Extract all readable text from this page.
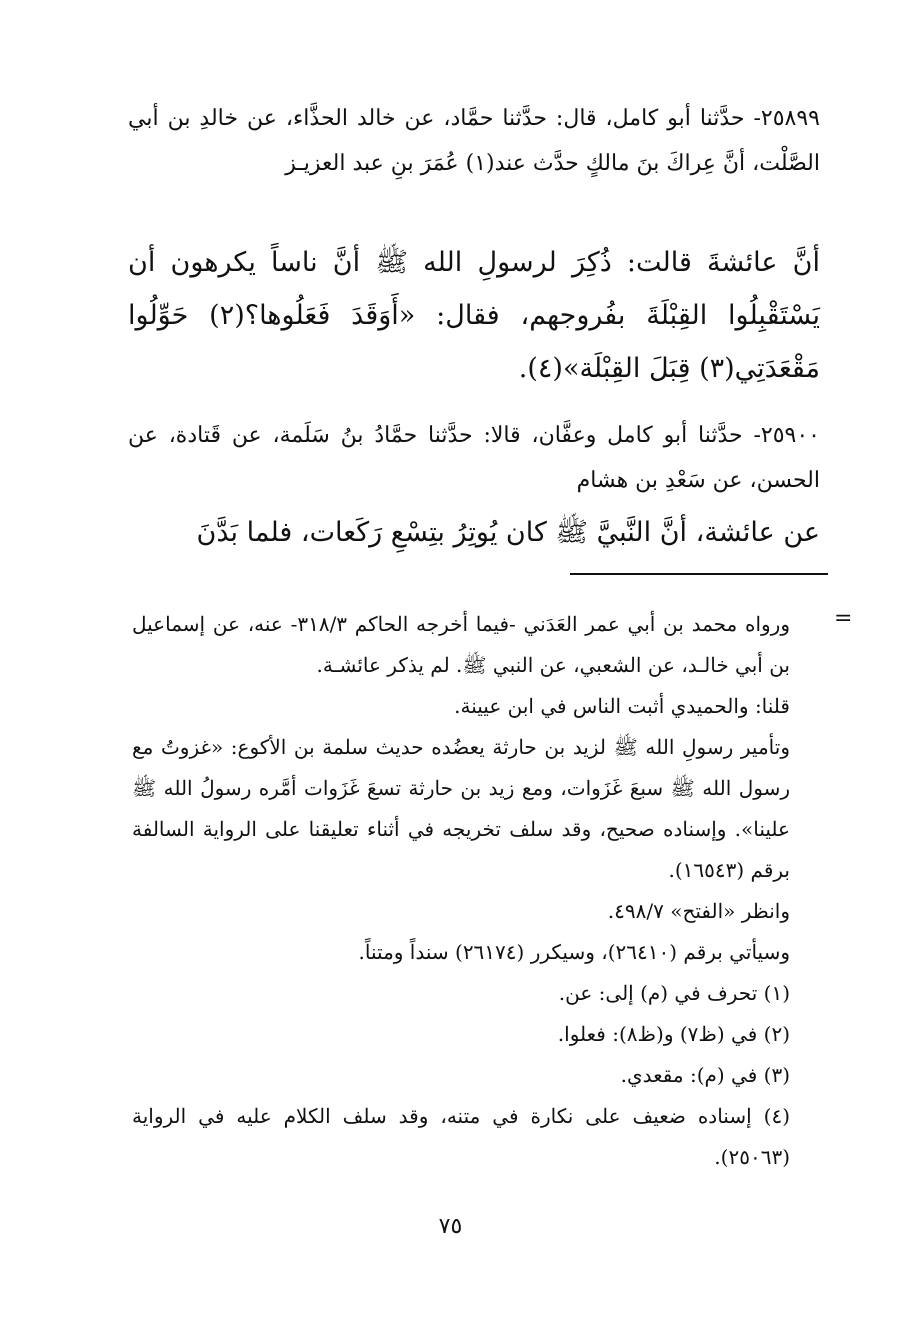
٢٥٨٩٩- حدَّثنا أبو كامل، قال: حدَّثنا حمَّاد، عن خالد الحذَّاء، عن خالدِ بن أبي الصَّلْت، أنَّ عِراكَ بنَ مالكٍ حدَّث عند(١) عُمَرَ بنِ عبد العزيـز
أنَّ عائشةَ قالت: ذُكِرَ لرسولِ الله ﷺ أنَّ ناساً يكرهون أن يَسْتَقْبِلُوا القِبْلَةَ بفُروجهم، فقال: «أَوَقَدَ فَعَلُوها؟(٢) حَوِّلُوا مَقْعَدَتِي(٣) قِبَلَ القِبْلَة»(٤).
٢٥٩٠٠- حدَّثنا أبو كامل وعفَّان، قالا: حدَّثنا حمَّادُ بنُ سَلَمة، عن قَتادة، عن الحسن، عن سَعْدِ بن هشام
عن عائشة، أنَّ النَّبيَّ ﷺ كان يُوتِرُ بتِسْعِ رَكَعات، فلما بَدَّنَ
=

ورواه محمد بن أبي عمر العَدَني -فيما أخرجه الحاكم ٣١٨/٣- عنه، عن إسماعيل بن أبي خالـد، عن الشعبي، عن النبي ﷺ. لم يذكر عائشـة.

قلنا: والحميدي أثبت الناس في ابن عيينة.

وتأمير رسولِ الله ﷺ لزيد بن حارثة يعضُده حديث سلمة بن الأكوع: «غزوتُ مع رسول الله ﷺ سبعَ غَزَوات، ومع زيد بن حارثة تسعَ غَزَوات أمَّره رسولُ الله ﷺ علينا». وإسناده صحيح، وقد سلف تخريجه في أثناء تعليقنا على الرواية السالفة برقم (١٦٥٤٣).

وانظر «الفتح» ٤٩٨/٧.

وسيأتي برقم (٢٦٤١٠)، وسيكرر (٢٦١٧٤) سنداً ومتناً.

(١) تحرف في (م) إلى: عن.

(٢) في (ظ٧) و(ظ٨): فعلوا.

(٣) في (م): مقعدي.

(٤) إسناده ضعيف على نكارة في متنه، وقد سلف الكلام عليه في الرواية (٢٥٠٦٣).

٧٥
